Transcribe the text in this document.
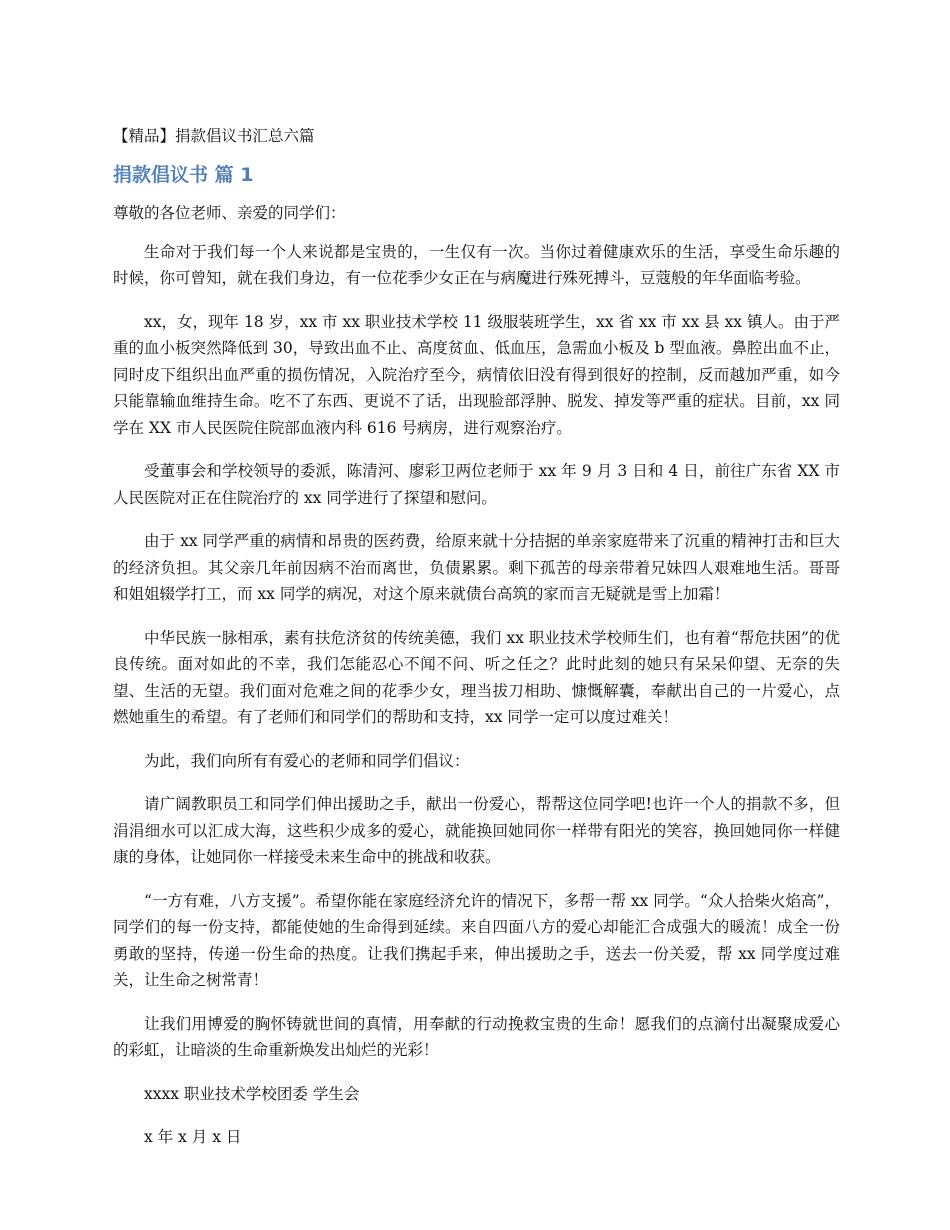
【精品】捐款倡议书汇总六篇
捐款倡议书 篇 1

尊敬的各位老师、亲爱的同学们：

生命对于我们每一个人来说都是宝贵的，一生仅有一次。当你过着健康欢乐的生活，享受生命乐趣的时候，你可曾知，就在我们身边，有一位花季少女正在与病魔进行殊死搏斗，豆蔻般的年华面临考验。

xx，女，现年 18 岁，xx 市 xx 职业技术学校 11 级服装班学生，xx 省 xx 市 xx 县 xx 镇人。由于严重的血小板突然降低到 30，导致出血不止、高度贫血、低血压，急需血小板及 b 型血液。鼻腔出血不止，同时皮下组织出血严重的损伤情况，入院治疗至今，病情依旧没有得到很好的控制，反而越加严重，如今只能靠输血维持生命。吃不了东西、更说不了话，出现脸部浮肿、脱发、掉发等严重的症状。目前，xx 同学在 XX 市人民医院住院部血液内科 616 号病房，进行观察治疗。

受董事会和学校领导的委派，陈清河、廖彩卫两位老师于 xx 年 9 月 3 日和 4 日，前往广东省 XX 市人民医院对正在住院治疗的 xx 同学进行了探望和慰问。

由于 xx 同学严重的病情和昂贵的医药费，给原来就十分拮据的单亲家庭带来了沉重的精神打击和巨大的经济负担。其父亲几年前因病不治而离世，负债累累。剩下孤苦的母亲带着兄妹四人艰难地生活。哥哥和姐姐辍学打工，而 xx 同学的病况，对这个原来就债台高筑的家而言无疑就是雪上加霜！

中华民族一脉相承，素有扶危济贫的传统美德，我们 xx 职业技术学校师生们，也有着“帮危扶困”的优良传统。面对如此的不幸，我们怎能忍心不闻不问、听之任之？此时此刻的她只有呆呆仰望、无奈的失望、生活的无望。我们面对危难之间的花季少女，理当拔刀相助、慷慨解囊，奉献出自己的一片爱心，点燃她重生的希望。有了老师们和同学们的帮助和支持，xx 同学一定可以度过难关！

为此，我们向所有有爱心的老师和同学们倡议：

请广阔教职员工和同学们伸出援助之手，献出一份爱心，帮帮这位同学吧!也许一个人的捐款不多，但涓涓细水可以汇成大海，这些积少成多的爱心，就能换回她同你一样带有阳光的笑容，换回她同你一样健康的身体，让她同你一样接受未来生命中的挑战和收获。

“一方有难，八方支援”。希望你能在家庭经济允许的情况下，多帮一帮 xx 同学。“众人拾柴火焰高”，同学们的每一份支持，都能使她的生命得到延续。来自四面八方的爱心却能汇合成强大的暖流！成全一份勇敢的坚持，传递一份生命的热度。让我们携起手来，伸出援助之手，送去一份关爱，帮 xx 同学度过难关，让生命之树常青！

让我们用博爱的胸怀铸就世间的真情，用奉献的行动挽救宝贵的生命！愿我们的点滴付出凝聚成爱心的彩虹，让暗淡的生命重新焕发出灿烂的光彩！

xxxx 职业技术学校团委 学生会

x 年 x 月 x 日
